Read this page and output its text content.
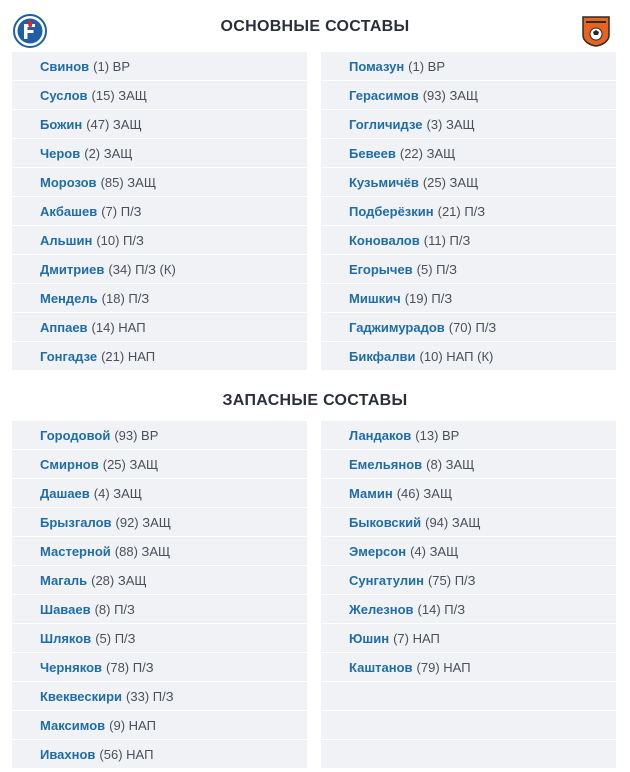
ОСНОВНЫЕ СОСТАВЫ
Свинов (1) ВР
Суслов (15) ЗАЩ
Божин (47) ЗАЩ
Черов (2) ЗАЩ
Морозов (85) ЗАЩ
Акбашев (7) П/З
Альшин (10) П/З
Дмитриев (34) П/З (К)
Мендель (18) П/З
Аппаев (14) НАП
Гонгадзе (21) НАП
Помазун (1) ВР
Герасимов (93) ЗАЩ
Гогличидзе (3) ЗАЩ
Бевеев (22) ЗАЩ
Кузьмичёв (25) ЗАЩ
Подберёзкин (21) П/З
Коновалов (11) П/З
Егорычев (5) П/З
Мишкич (19) П/З
Гаджимурадов (70) П/З
Бикфалви (10) НАП (К)
ЗАПАСНЫЕ СОСТАВЫ
Городовой (93) ВР
Смирнов (25) ЗАЩ
Дашаев (4) ЗАЩ
Брызгалов (92) ЗАЩ
Мастерной (88) ЗАЩ
Магаль (28) ЗАЩ
Шаваев (8) П/З
Шляков (5) П/З
Черняков (78) П/З
Квеквескири (33) П/З
Максимов (9) НАП
Ивахнов (56) НАП
Ландаков (13) ВР
Емельянов (8) ЗАЩ
Мамин (46) ЗАЩ
Быковский (94) ЗАЩ
Эмерсон (4) ЗАЩ
Сунгатулин (75) П/З
Железнов (14) П/З
Юшин (7) НАП
Каштанов (79) НАП
